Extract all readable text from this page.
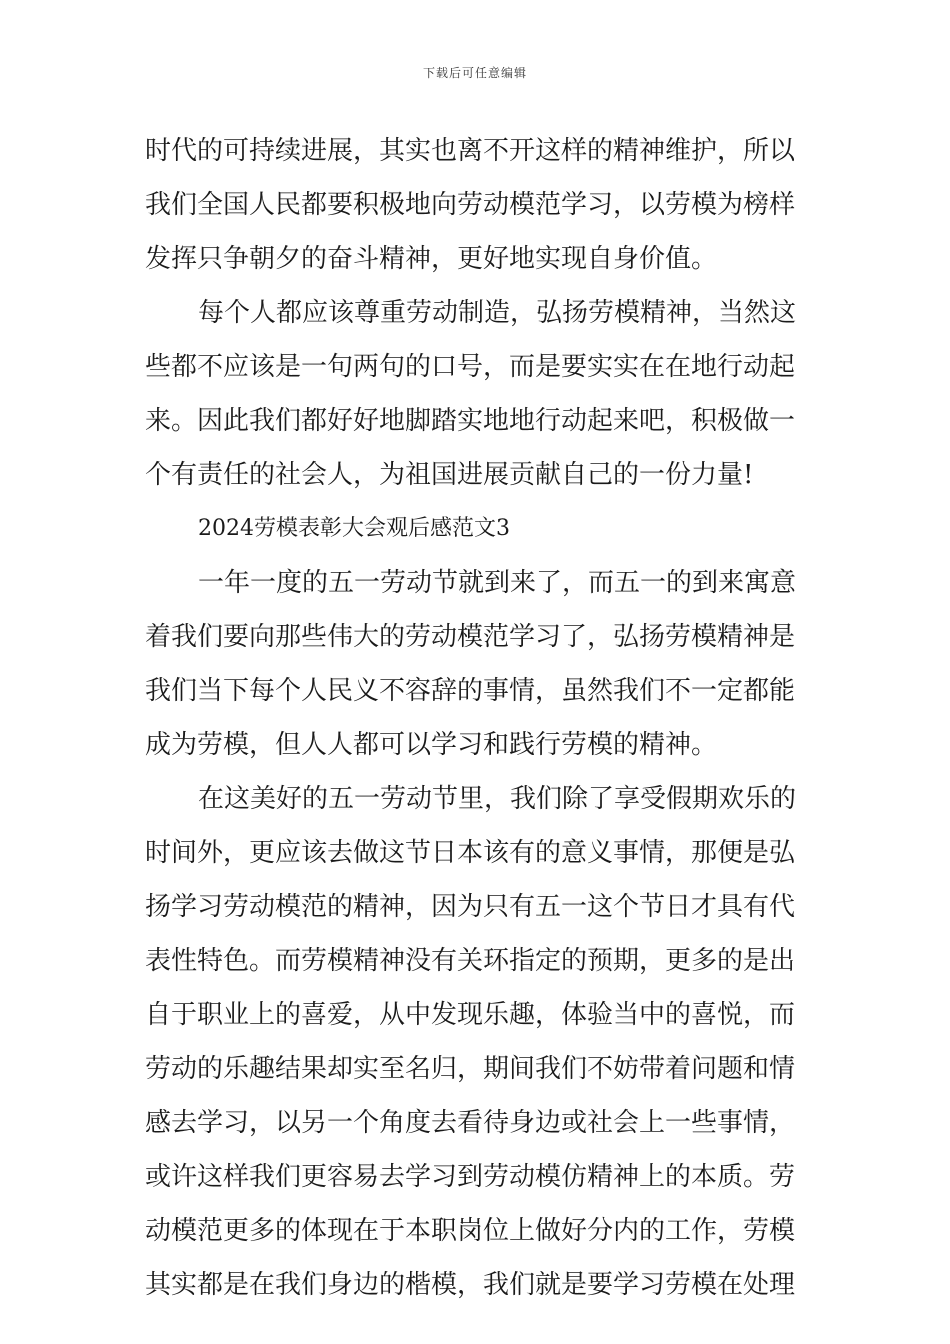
下载后可任意编辑
时代的可持续进展，其实也离不开这样的精神维护，所以
我们全国人民都要积极地向劳动模范学习，以劳模为榜样
发挥只争朝夕的奋斗精神，更好地实现自身价值。
每个人都应该尊重劳动制造，弘扬劳模精神，当然这
些都不应该是一句两句的口号，而是要实实在在地行动起
来。因此我们都好好地脚踏实地地行动起来吧，积极做一
个有责任的社会人，为祖国进展贡献自己的一份力量!
2024劳模表彰大会观后感范文3
一年一度的五一劳动节就到来了，而五一的到来寓意
着我们要向那些伟大的劳动模范学习了，弘扬劳模精神是
我们当下每个人民义不容辞的事情，虽然我们不一定都能
成为劳模，但人人都可以学习和践行劳模的精神。
在这美好的五一劳动节里，我们除了享受假期欢乐的
时间外，更应该去做这节日本该有的意义事情，那便是弘
扬学习劳动模范的精神，因为只有五一这个节日才具有代
表性特色。而劳模精神没有关环指定的预期，更多的是出
自于职业上的喜爱，从中发现乐趣，体验当中的喜悦，而
劳动的乐趣结果却实至名归，期间我们不妨带着问题和情
感去学习，以另一个角度去看待身边或社会上一些事情，
或许这样我们更容易去学习到劳动模仿精神上的本质。劳
动模范更多的体现在于本职岗位上做好分内的工作，劳模
其实都是在我们身边的楷模，我们就是要学习劳模在处理
